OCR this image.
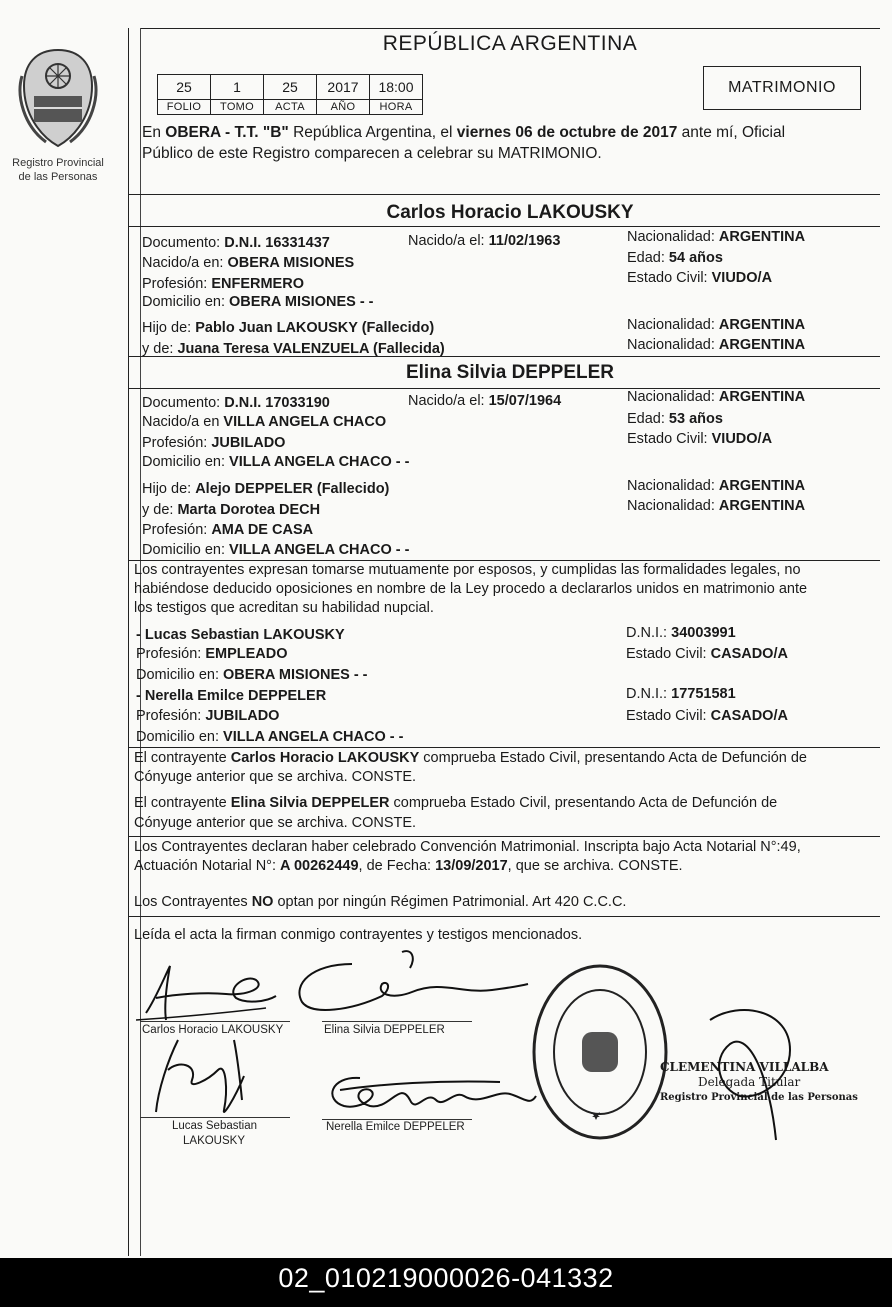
Registro Provincial
de las Personas
REPÚBLICA ARGENTINA
25	1	25	2017	18:00
FOLIO	TOMO	ACTA	AÑO	HORA
MATRIMONIO
En OBERA - T.T. "B" República Argentina, el viernes 06 de octubre de 2017 ante mí, Oficial
Público de este Registro comparecen a celebrar su MATRIMONIO.
Carlos Horacio LAKOUSKY
Documento: D.N.I. 16331437	Nacido/a el: 11/02/1963	Nacionalidad: ARGENTINA
Nacido/a en: OBERA MISIONES	Edad: 54 años
Profesión: ENFERMERO	Estado Civil: VIUDO/A
Domicilio en: OBERA MISIONES - -
Hijo de: Pablo Juan LAKOUSKY (Fallecido)	Nacionalidad: ARGENTINA
y de: Juana Teresa VALENZUELA (Fallecida)	Nacionalidad: ARGENTINA
Elina Silvia DEPPELER
Documento: D.N.I. 17033190	Nacido/a el: 15/07/1964	Nacionalidad: ARGENTINA
Nacido/a en VILLA ANGELA CHACO	Edad: 53 años
Profesión: JUBILADO	Estado Civil: VIUDO/A
Domicilio en: VILLA ANGELA CHACO - -
Hijo de: Alejo DEPPELER (Fallecido)	Nacionalidad: ARGENTINA
y de: Marta Dorotea DECH	Nacionalidad: ARGENTINA
Profesión: AMA DE CASA
Domicilio en: VILLA ANGELA CHACO - -
Los contrayentes expresan tomarse mutuamente por esposos, y cumplidas las formalidades legales, no
habiéndose deducido oposiciones en nombre de la Ley procedo a declararlos unidos en matrimonio ante
los testigos que acreditan su habilidad nupcial.
- Lucas Sebastian LAKOUSKY	D.N.I.: 34003991
Profesión: EMPLEADO	Estado Civil: CASADO/A
Domicilio en: OBERA MISIONES - -
- Nerella Emilce DEPPELER	D.N.I.: 17751581
Profesión: JUBILADO	Estado Civil: CASADO/A
Domicilio en: VILLA ANGELA CHACO - -
El contrayente Carlos Horacio LAKOUSKY comprueba Estado Civil, presentando Acta de Defunción de
Cónyuge anterior que se archiva. CONSTE.
El contrayente Elina Silvia DEPPELER comprueba Estado Civil, presentando Acta de Defunción de
Cónyuge anterior que se archiva. CONSTE.
Los Contrayentes declaran haber celebrado Convención Matrimonial. Inscripta bajo Acta Notarial N°:49,
Actuación Notarial N°: A 00262449, de Fecha: 13/09/2017, que se archiva. CONSTE.
Los Contrayentes NO optan por ningún Régimen Patrimonial. Art 420 C.C.C.
Leída el acta la firman conmigo contrayentes y testigos mencionados.
Carlos Horacio LAKOUSKY	Elina Silvia DEPPELER
Lucas Sebastian
LAKOUSKY
Nerella Emilce DEPPELER
CLEMENTINA VILLALBA
Delegada Titular
Registro Provincial de las Personas
02_010219000026-041332
